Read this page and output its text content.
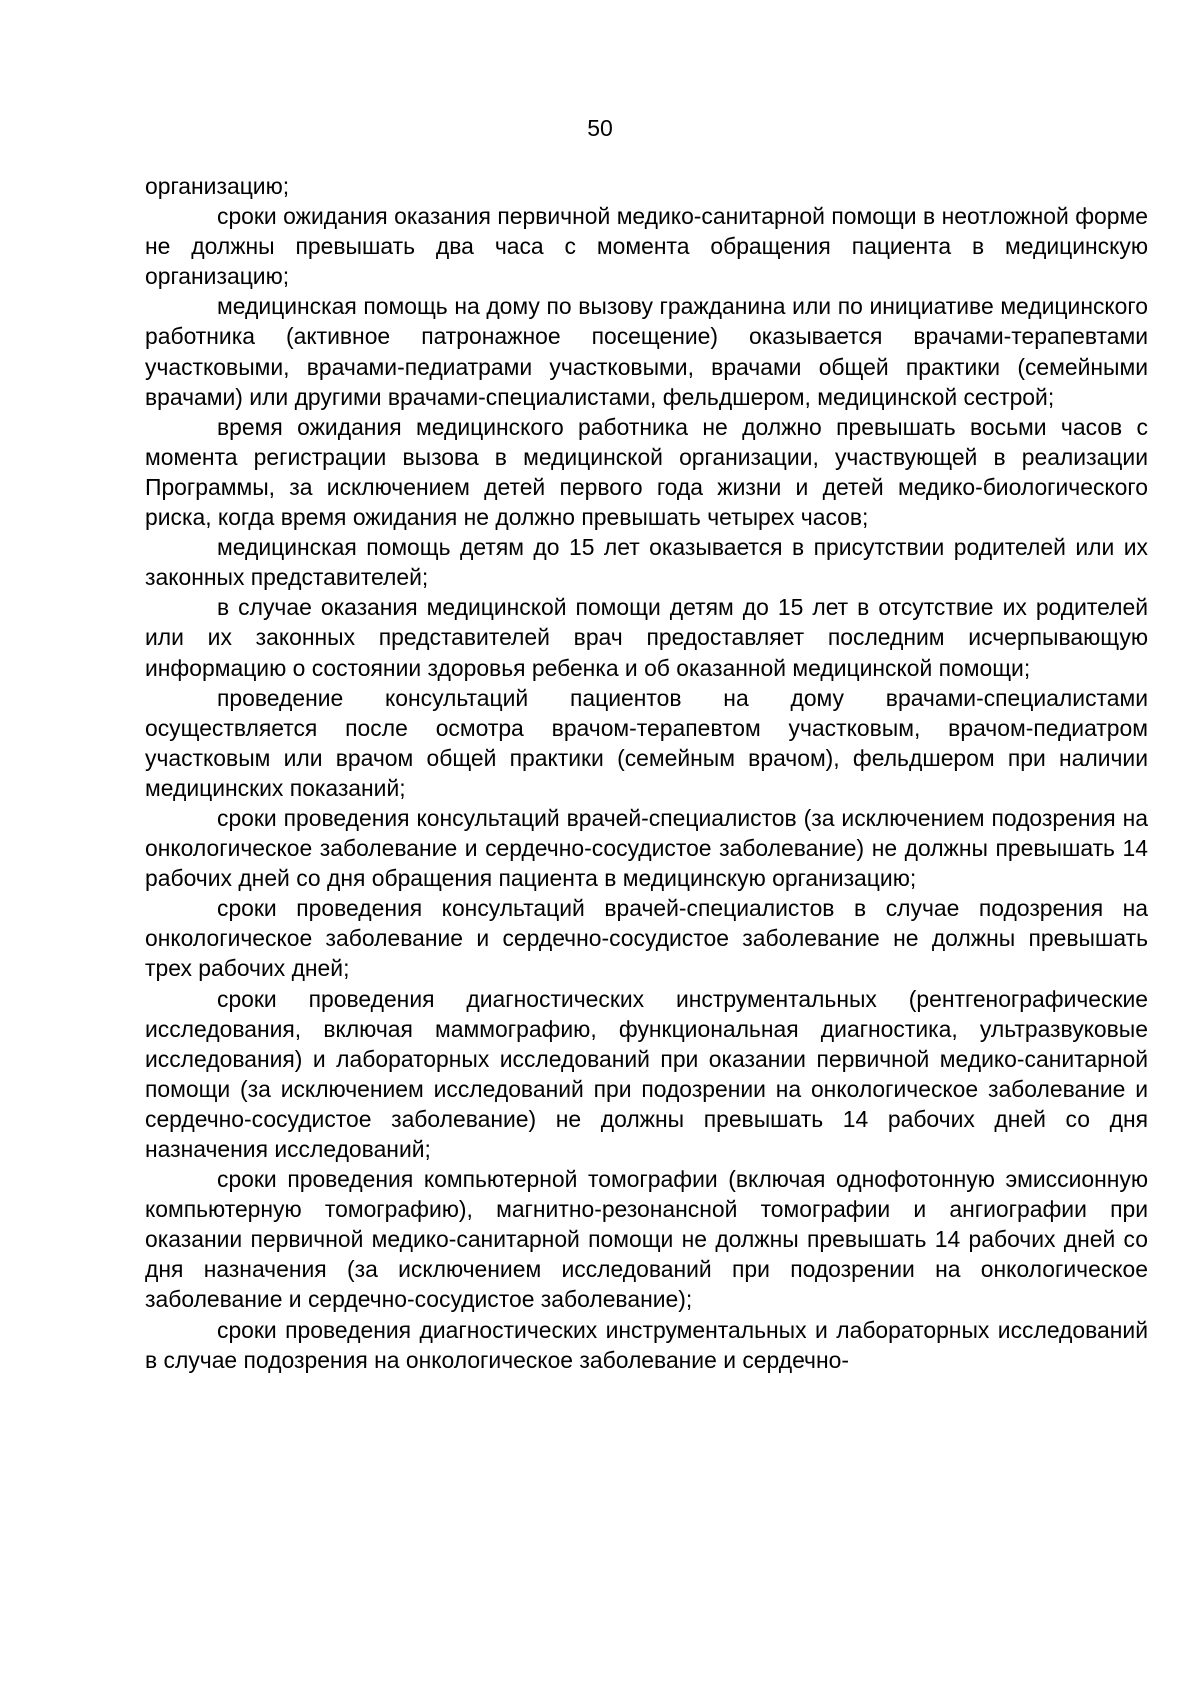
50

организацию;

сроки ожидания оказания первичной медико-санитарной помощи в неотложной форме не должны превышать два часа с момента обращения пациента в медицинскую организацию;

медицинская помощь на дому по вызову гражданина или по инициативе медицинского работника (активное патронажное посещение) оказывается врачами-терапевтами участковыми, врачами-педиатрами участковыми, врачами общей практики (семейными врачами) или другими врачами-специалистами, фельдшером, медицинской сестрой;

время ожидания медицинского работника не должно превышать восьми часов с момента регистрации вызова в медицинской организации, участвующей в реализации Программы, за исключением детей первого года жизни и детей медико-биологического риска, когда время ожидания не должно превышать четырех часов;

медицинская помощь детям до 15 лет оказывается в присутствии родителей или их законных представителей;

в случае оказания медицинской помощи детям до 15 лет в отсутствие их родителей или их законных представителей врач предоставляет последним исчерпывающую информацию о состоянии здоровья ребенка и об оказанной медицинской помощи;

проведение консультаций пациентов на дому врачами-специалистами осуществляется после осмотра врачом-терапевтом участковым, врачом-педиатром участковым или врачом общей практики (семейным врачом), фельдшером при наличии медицинских показаний;

сроки проведения консультаций врачей-специалистов (за исключением подозрения на онкологическое заболевание и сердечно-сосудистое заболевание) не должны превышать 14 рабочих дней со дня обращения пациента в медицинскую организацию;

сроки проведения консультаций врачей-специалистов в случае подозрения на онкологическое заболевание и сердечно-сосудистое заболевание не должны превышать трех рабочих дней;

сроки проведения диагностических инструментальных (рентгенографические исследования, включая маммографию, функциональная диагностика, ультразвуковые исследования) и лабораторных исследований при оказании первичной медико-санитарной помощи (за исключением исследований при подозрении на онкологическое заболевание и сердечно-сосудистое заболевание) не должны превышать 14 рабочих дней со дня назначения исследований;

сроки проведения компьютерной томографии (включая однофотонную эмиссионную компьютерную томографию), магнитно-резонансной томографии и ангиографии при оказании первичной медико-санитарной помощи не должны превышать 14 рабочих дней со дня назначения (за исключением исследований при подозрении на онкологическое заболевание и сердечно-сосудистое заболевание);

сроки проведения диагностических инструментальных и лабораторных исследований в случае подозрения на онкологическое заболевание и сердечно-
